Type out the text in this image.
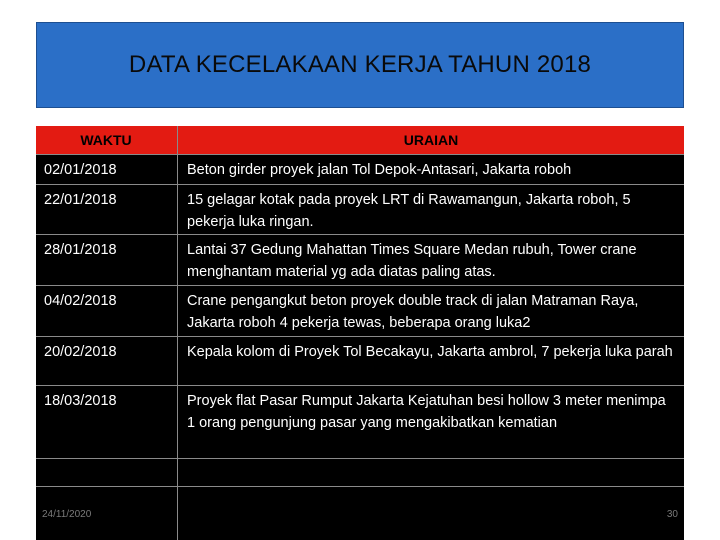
DATA KECELAKAAN KERJA TAHUN 2018
WAKTU	URAIAN
02/01/2018	Beton girder proyek jalan Tol Depok-Antasari, Jakarta roboh
22/01/2018	15 gelagar kotak pada proyek LRT di Rawamangun, Jakarta roboh, 5 pekerja luka ringan.
28/01/2018	Lantai 37 Gedung Mahattan Times Square Medan rubuh, Tower crane menghantam material yg ada diatas paling atas.
04/02/2018	Crane pengangkut beton proyek double track di jalan Matraman Raya, Jakarta roboh 4 pekerja tewas, beberapa orang luka2
20/02/2018	Kepala kolom di Proyek Tol Becakayu, Jakarta ambrol, 7 pekerja luka parah
18/03/2018	Proyek flat Pasar Rumput Jakarta Kejatuhan besi hollow 3 meter menimpa 1 orang pengunjung pasar yang mengakibatkan kematian
24/11/2020	30
